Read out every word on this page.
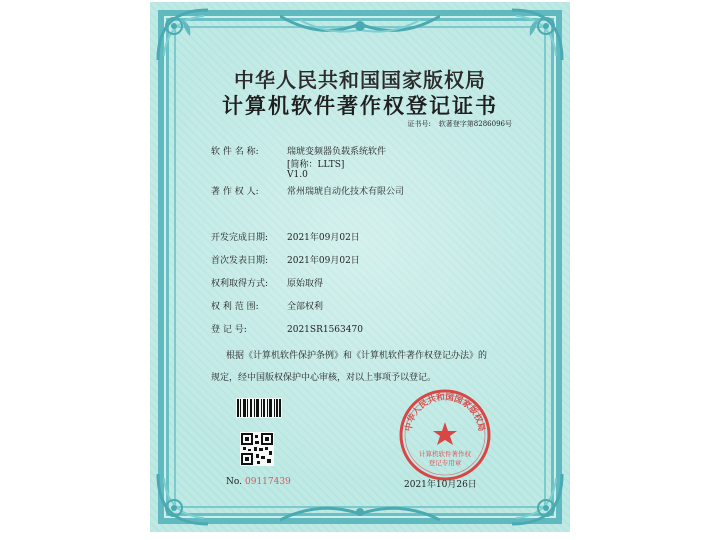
中华人民共和国国家版权局
计算机软件著作权登记证书
证书号: 软著登字第8286096号
软 件 名 称:	瑞琥变频器负载系统软件
[简称：LLTS]
V1.0
著 作 权 人:	常州瑞琥自动化技术有限公司
开发完成日期: 2021年09月02日
首次发表日期: 2021年09月02日
权利取得方式: 原始取得
权 利 范 围:	全部权利
登 记 号:	2021SR1563470
根据《计算机软件保护条例》和《计算机软件著作权登记办法》的
规定，经中国版权保护中心审核，对以上事项予以登记。
No. 09117439
中华人民共和国国家版权局
计算机软件著作权
登记专用章
2021年10月26日
